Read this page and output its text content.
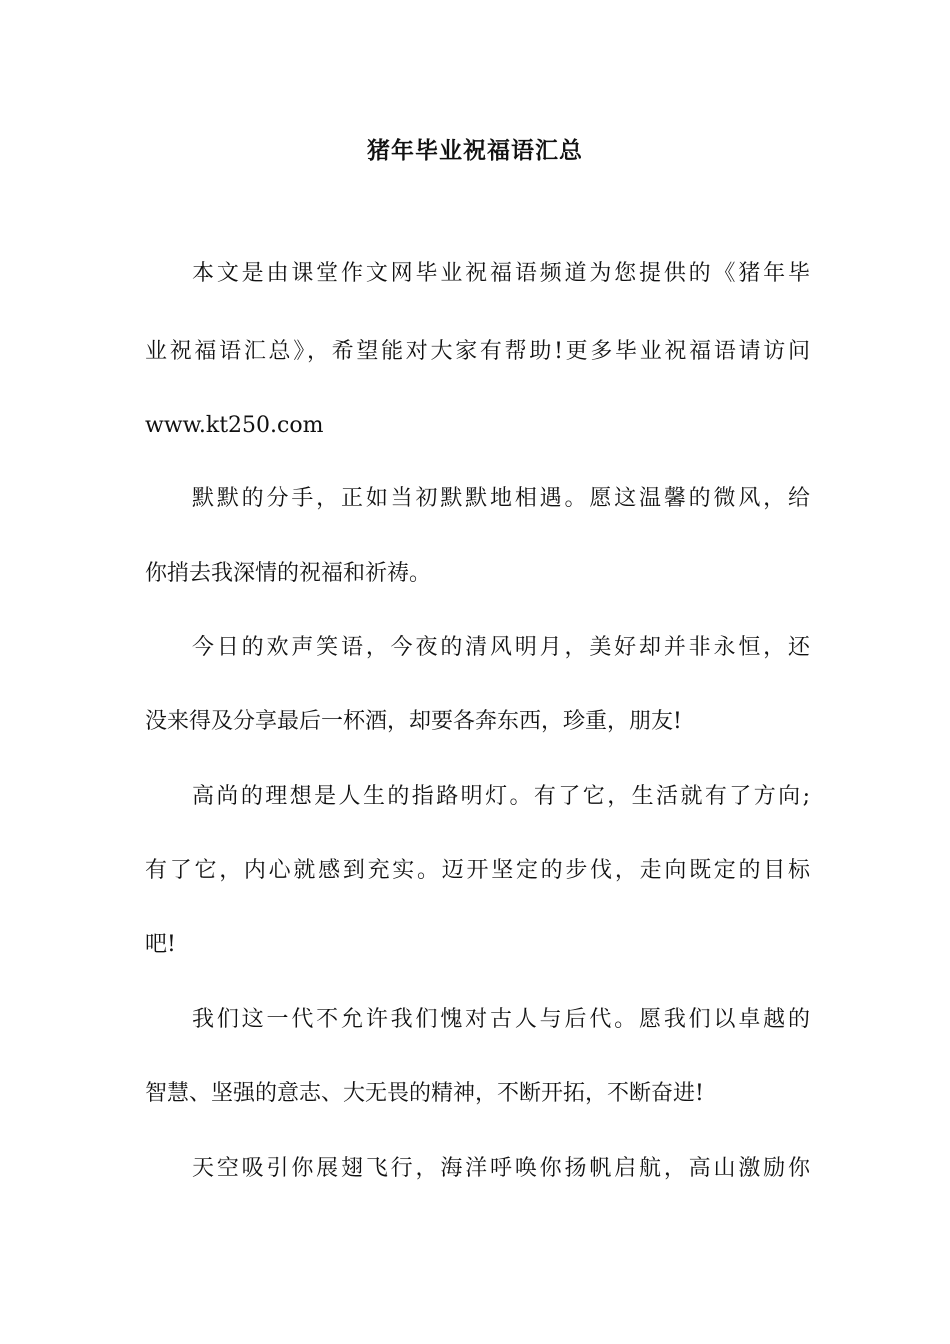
猪年毕业祝福语汇总
本文是由课堂作文网毕业祝福语频道为您提供的《猪年毕
业祝福语汇总》，希望能对大家有帮助!更多毕业祝福语请访问
www.kt250.com
默默的分手，正如当初默默地相遇。愿这温馨的微风，给
你捎去我深情的祝福和祈祷。
今日的欢声笑语，今夜的清风明月，美好却并非永恒，还
没来得及分享最后一杯酒，却要各奔东西，珍重，朋友!
高尚的理想是人生的指路明灯。有了它，生活就有了方向;
有了它，内心就感到充实。迈开坚定的步伐，走向既定的目标
吧!
我们这一代不允许我们愧对古人与后代。愿我们以卓越的
智慧、坚强的意志、大无畏的精神，不断开拓，不断奋进!
天空吸引你展翅飞行，海洋呼唤你扬帆启航，高山激励你
